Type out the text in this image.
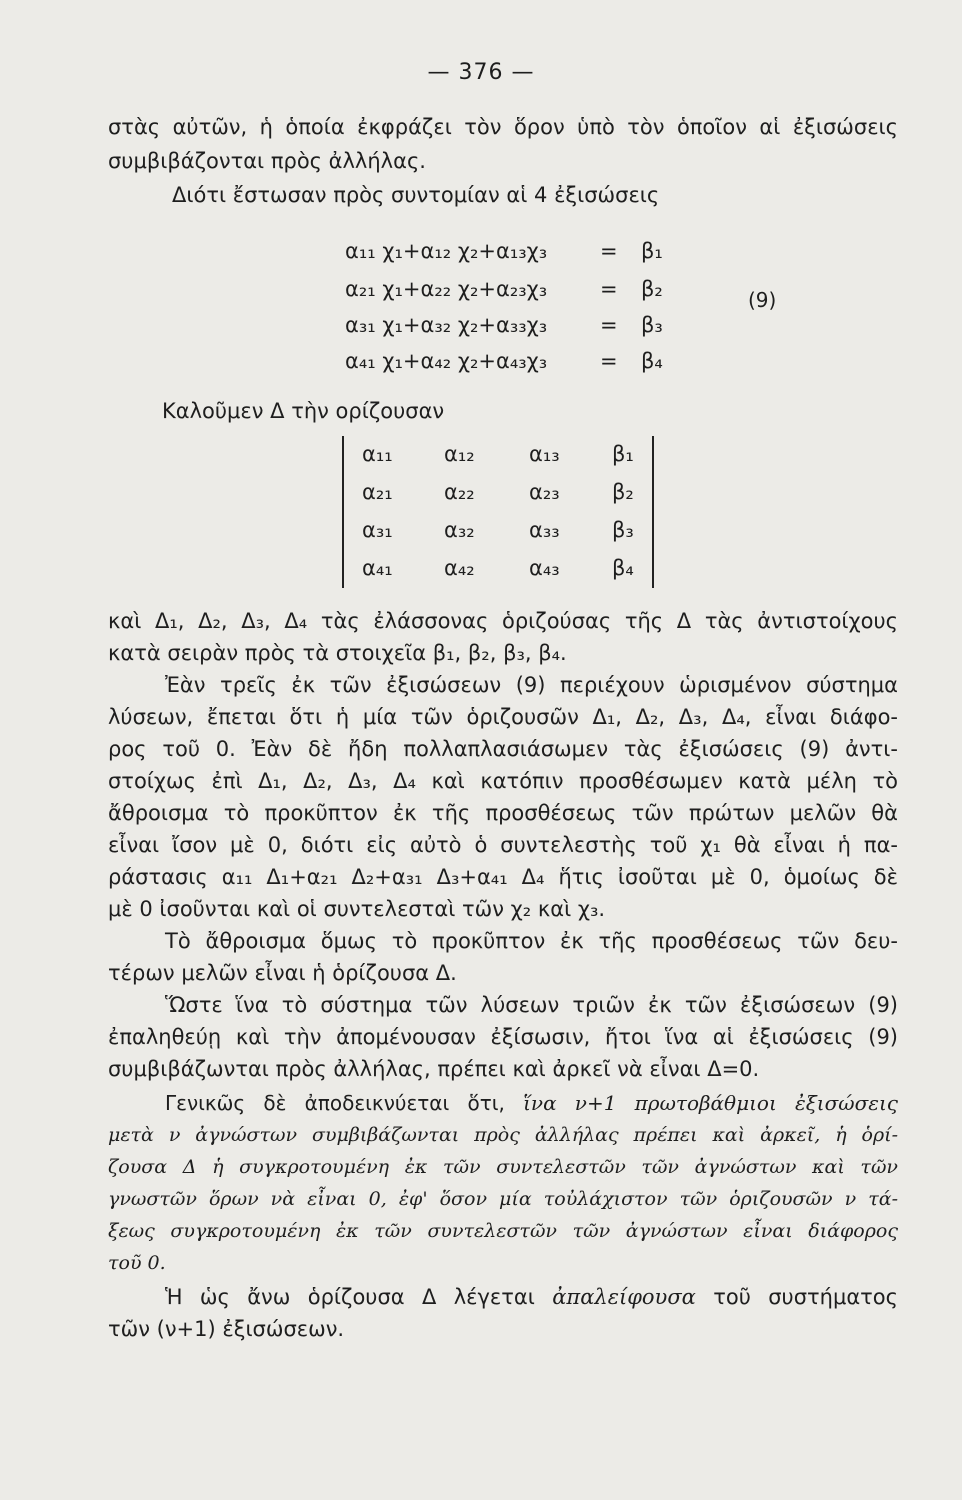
— 376 —
στὰς αὐτῶν, ἡ ὁποία ἐκφράζει τὸν ὅρον ὑπὸ τὸν ὁποῖον αἱ ἐξισώσεις
συμβιβάζονται πρὸς ἀλλήλας.
Διότι ἔστωσαν πρὸς συντομίαν αἱ 4 ἐξισώσεις
α₁₁ χ₁+α₁₂ χ₂+α₁₃χ₃	= β₁
α₂₁ χ₁+α₂₂ χ₂+α₂₃χ₃	= β₂
α₃₁ χ₁+α₃₂ χ₂+α₃₃χ₃	= β₃
α₄₁ χ₁+α₄₂ χ₂+α₄₃χ₃	= β₄
(9)
Καλοῦμεν Δ τὴν ορίζουσαν
α₁₁ α₁₂	α₁₃ β₁
α₂₁ α₂₂	α₂₃ β₂
α₃₁ α₃₂	α₃₃ β₃
α₄₁ α₄₂	α₄₃ β₄
καὶ Δ₁, Δ₂, Δ₃, Δ₄ τὰς ἐλάσσονας ὁριζούσας τῆς Δ τὰς ἀντιστοίχους
κατὰ σειρὰν πρὸς τὰ στοιχεῖα β₁, β₂, β₃, β₄.
Ἐὰν τρεῖς ἐκ τῶν ἐξισώσεων (9) περιέχουν ὡρισμένον σύστημα
λύσεων, ἔπεται ὅτι ἡ μία τῶν ὁριζουσῶν Δ₁, Δ₂, Δ₃, Δ₄, εἶναι διάφο-
ρος τοῦ 0. Ἐὰν δὲ ἤδη πολλαπλασιάσωμεν τὰς ἐξισώσεις (9) ἀντι-
στοίχως ἐπὶ Δ₁, Δ₂, Δ₃, Δ₄ καὶ κατόπιν προσθέσωμεν κατὰ μέλη τὸ
ἄθροισμα τὸ προκῦπτον ἐκ τῆς προσθέσεως τῶν πρώτων μελῶν θὰ
εἶναι ἴσον μὲ 0, διότι εἰς αὐτὸ ὁ συντελεστὴς τοῦ χ₁ θὰ εἶναι ἡ πα-
ράστασις α₁₁ Δ₁+α₂₁ Δ₂+α₃₁ Δ₃+α₄₁ Δ₄ ἥτις ἰσοῦται μὲ 0, ὁμοίως δὲ
μὲ 0 ἰσοῦνται καὶ οἱ συντελεσταὶ τῶν χ₂ καὶ χ₃.
Τὸ ἄθροισμα ὅμως τὸ προκῦπτον ἐκ τῆς προσθέσεως τῶν δευ-
τέρων μελῶν εἶναι ἡ ὁρίζουσα Δ.
Ὥστε ἵνα τὸ σύστημα τῶν λύσεων τριῶν ἐκ τῶν ἐξισώσεων (9)
ἐπαληθεύῃ καὶ τὴν ἀπομένουσαν ἐξίσωσιν, ἤτοι ἵνα αἱ ἐξισώσεις (9)
συμβιβάζωνται πρὸς ἀλλήλας, πρέπει καὶ ἀρκεῖ νὰ εἶναι Δ=0.
Γενικῶς δὲ ἀποδεικνύεται ὅτι, ἵνα ν+1 πρωτοβάθμιοι ἐξισώσεις
μετὰ ν ἀγνώστων συμβιβάζωνται πρὸς ἀλλήλας πρέπει καὶ ἀρκεῖ, ἡ ὁρί-
ζουσα Δ ἡ συγκροτουμένη ἐκ τῶν συντελεστῶν τῶν ἀγνώστων καὶ τῶν
γνωστῶν ὅρων νὰ εἶναι 0, ἐφ' ὅσον μία τοὐλάχιστον τῶν ὁριζουσῶν ν τά-
ξεως συγκροτουμένη ἐκ τῶν συντελεστῶν τῶν ἀγνώστων εἶναι διάφορος
τοῦ 0.
Ἡ ὡς ἄνω ὁρίζουσα Δ λέγεται ἀπαλείφουσα τοῦ συστήματος
τῶν (ν+1) ἐξισώσεων.
